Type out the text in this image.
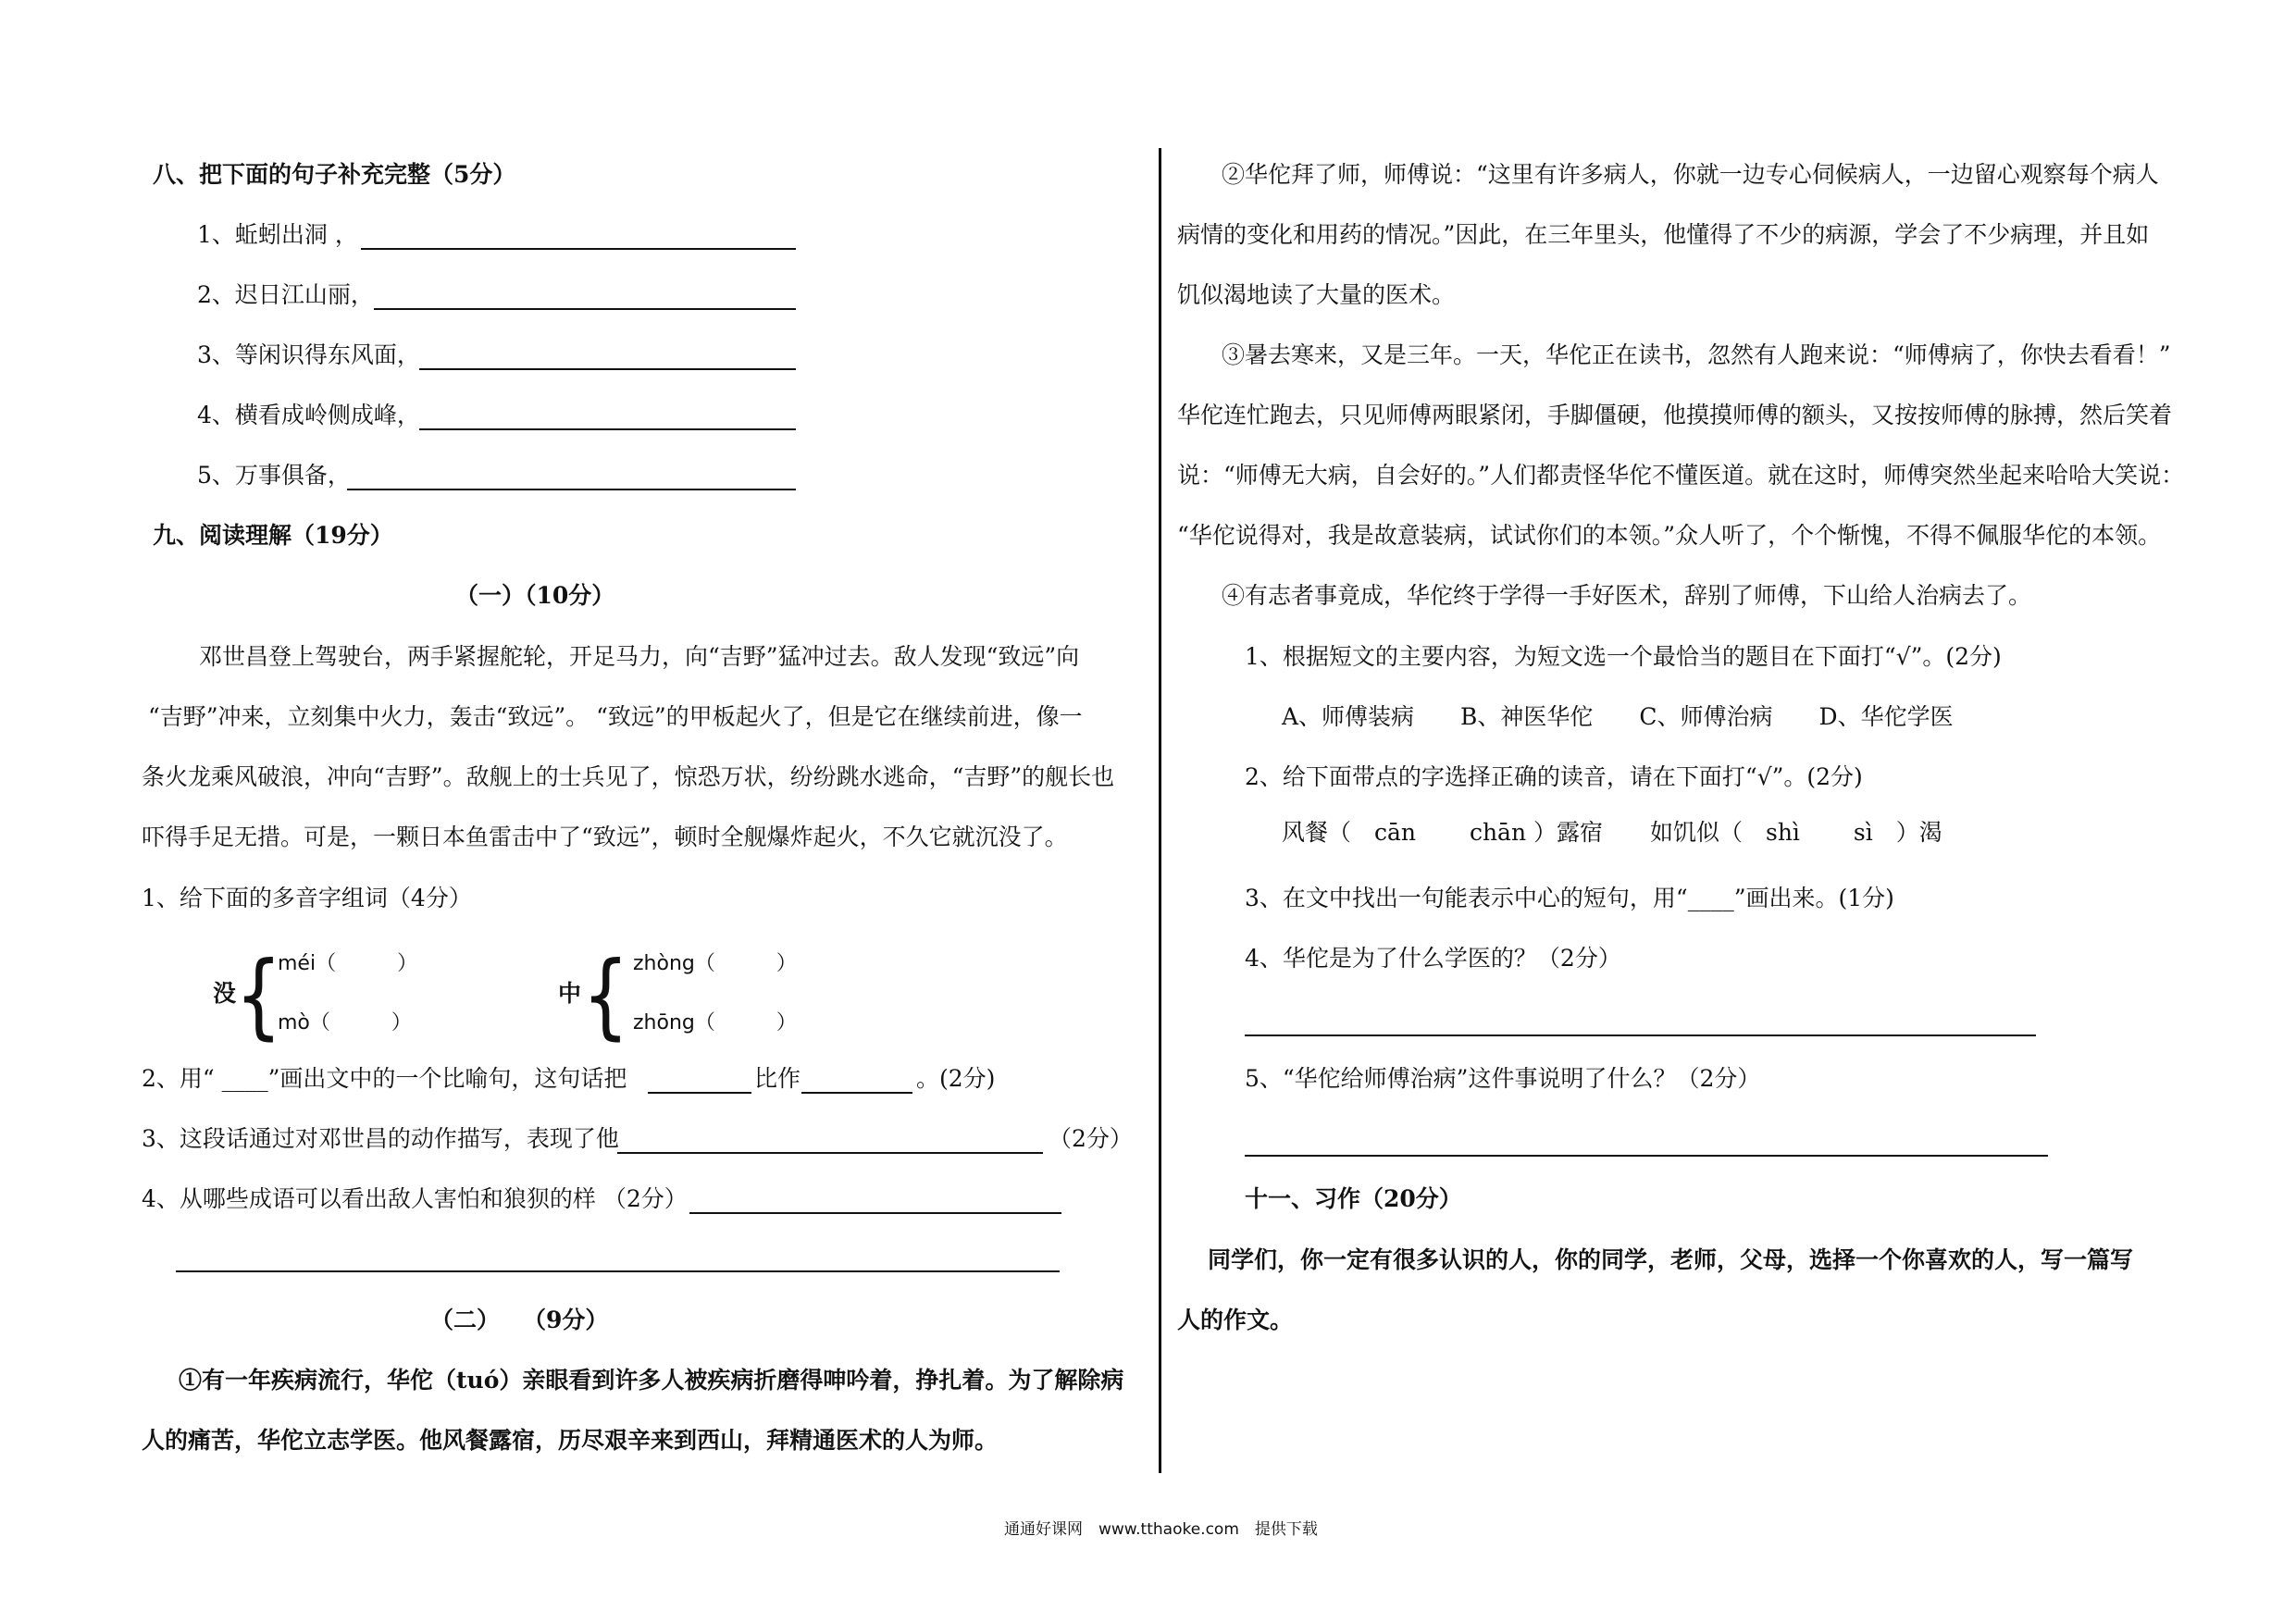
八、把下面的句子补充完整（5分）
1、蚯蚓出洞 ，
2、迟日江山丽，
3、等闲识得东风面，
4、横看成岭侧成峰，
5、万事俱备，
九、阅读理解（19分）
（一）（10分）
邓世昌登上驾驶台，两手紧握舵轮，开足马力，向“吉野”猛冲过去。敌人发现“致远”向
“吉野”冲来，立刻集中火力，轰击“致远”。 “致远”的甲板起火了，但是它在继续前进，像一
条火龙乘风破浪，冲向“吉野”。敌舰上的士兵见了，惊恐万状，纷纷跳水逃命，“吉野”的舰长也
吓得手足无措。可是，一颗日本鱼雷击中了“致远”，顿时全舰爆炸起火，不久它就沉没了。
1、给下面的多音字组词（4分）
没
{
méi（　　　）
mò（　　　）
中 { zhòng（　　　）
zhōng（　　　）
2、用“ ____”画出文中的一个比喻句，这句话把	比作	。(2分)
3、这段话通过对邓世昌的动作描写，表现了他	（2分）
4、从哪些成语可以看出敌人害怕和狼狈的样 （2分）
（二）　　（9分）
①有一年疾病流行，华佗（tuó）亲眼看到许多人被疾病折磨得呻吟着，挣扎着。为了解除病
人的痛苦，华佗立志学医。他风餐露宿，历尽艰辛来到西山，拜精通医术的人为师。
②华佗拜了师，师傅说：“这里有许多病人，你就一边专心伺候病人，一边留心观察每个病人
病情的变化和用药的情况。”因此，在三年里头，他懂得了不少的病源，学会了不少病理，并且如
饥似渴地读了大量的医术。
③暑去寒来，又是三年。一天，华佗正在读书，忽然有人跑来说：“师傅病了，你快去看看！”
华佗连忙跑去，只见师傅两眼紧闭，手脚僵硬，他摸摸师傅的额头，又按按师傅的脉搏，然后笑着
说：“师傅无大病，自会好的。”人们都责怪华佗不懂医道。就在这时，师傅突然坐起来哈哈大笑说：
“华佗说得对，我是故意装病，试试你们的本领。”众人听了，个个惭愧，不得不佩服华佗的本领。
④有志者事竟成，华佗终于学得一手好医术，辞别了师傅，下山给人治病去了。
1、根据短文的主要内容，为短文选一个最恰当的题目在下面打“√”。(2分)
A、师傅装病　　B、神医华佗　　C、师傅治病　　D、华佗学医
2、给下面带点的字选择正确的读音，请在下面打“√”。(2分)
风餐（　cān　　 chān ）露宿 如饥似（　shì　　 sì　）渴
3、在文中找出一句能表示中心的短句，用“____”画出来。(1分)
4、华佗是为了什么学医的？（2分）
5、“华佗给师傅治病”这件事说明了什么？（2分）
十一、习作（20分）
同学们，你一定有很多认识的人，你的同学，老师，父母，选择一个你喜欢的人，写一篇写
人的作文。
通通好课网　www.tthaoke.com　提供下载
